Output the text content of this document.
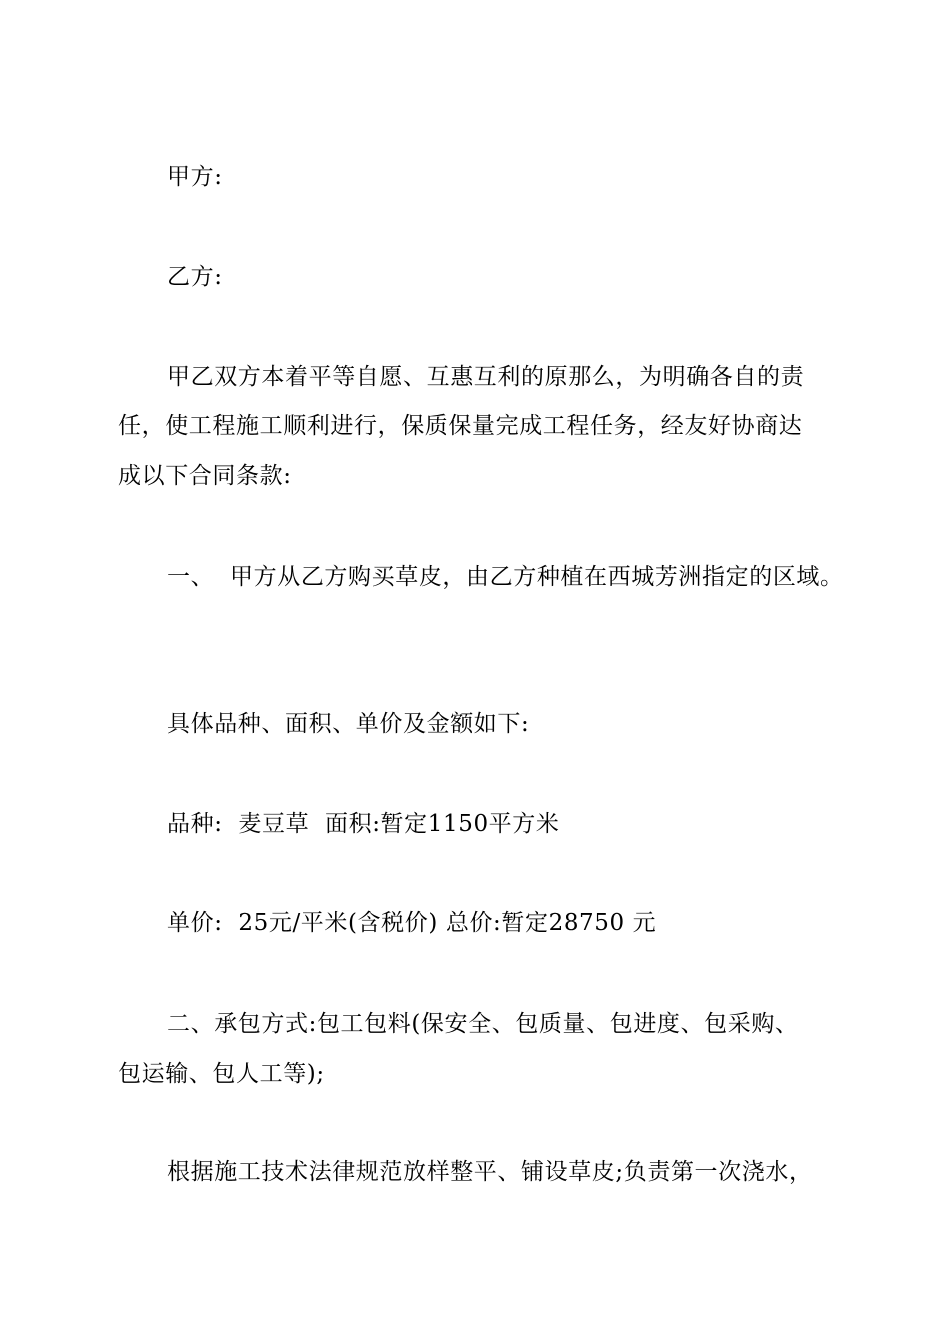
甲方:
乙方:
甲乙双方本着平等自愿、互惠互利的原那么，为明确各自的责
任，使工程施工顺利进行，保质保量完成工程任务，经友好协商达
成以下合同条款:
一、  甲方从乙方购买草皮，由乙方种植在西城芳洲指定的区域。
具体品种、面积、单价及金额如下:
品种:  麦豆草  面积:暂定1150平方米
单价:  25元/平米(含税价) 总价:暂定28750 元
二、承包方式:包工包料(保安全、包质量、包进度、包采购、
包运输、包人工等);
根据施工技术法律规范放样整平、铺设草皮;负责第一次浇水，
